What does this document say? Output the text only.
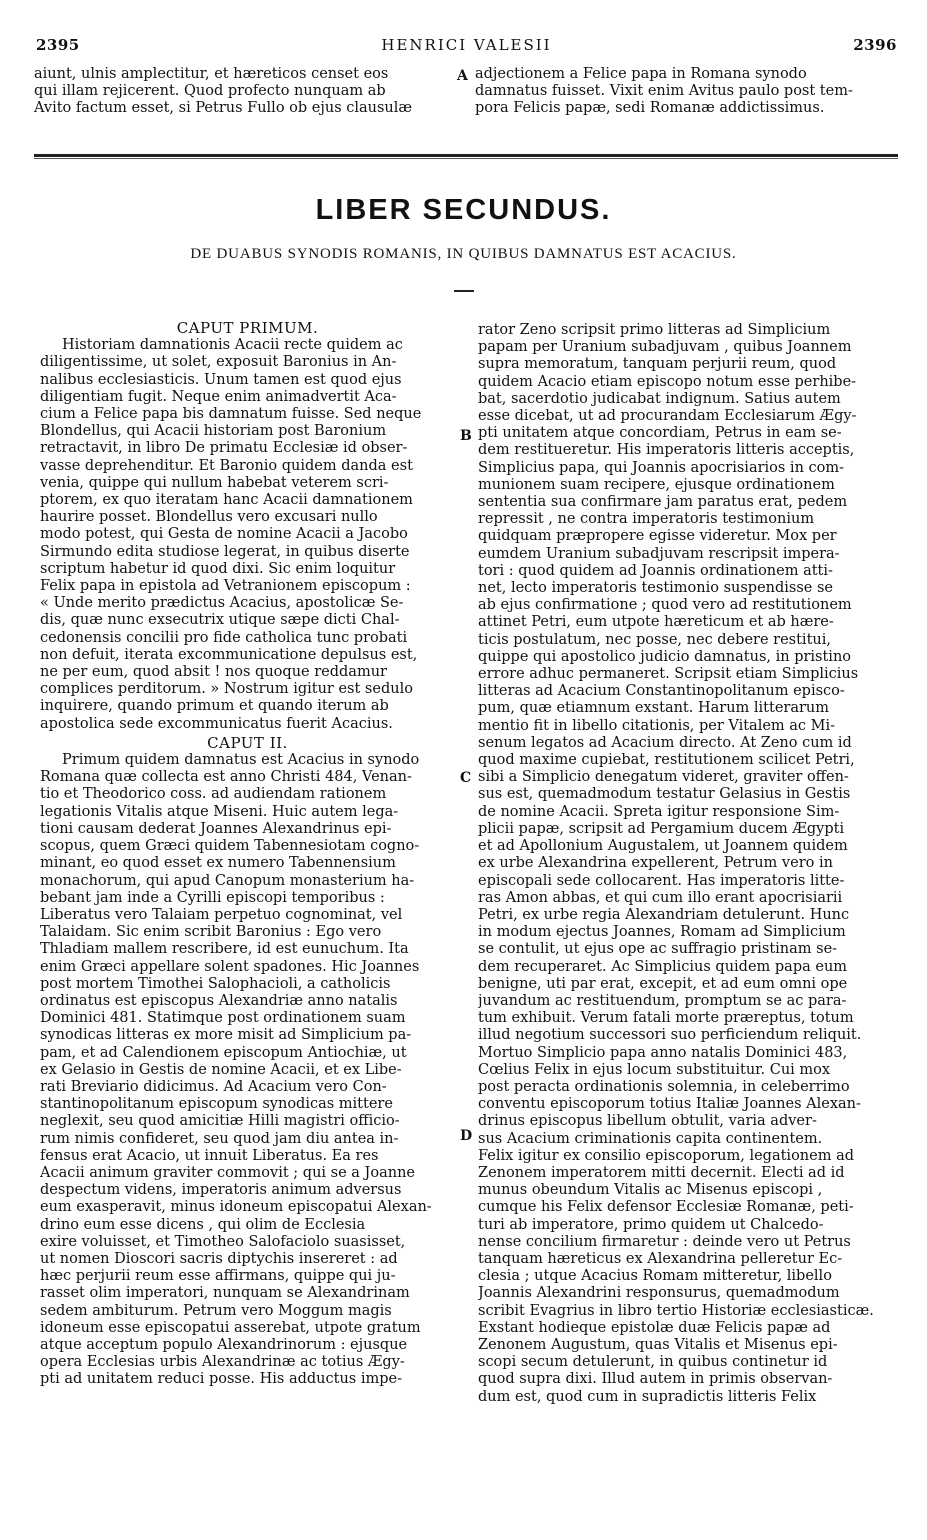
2395	HENRICI VALESII	2396
aiunt, ulnis amplectitur, et hæreticos censet eos
qui illam rejicerent. Quod profecto nunquam ab
Avito factum esset, si Petrus Fullo ob ejus clausulæ
adjectionem a Felice papa in Romana synodo
damnatus fuisset. Vixit enim Avitus paulo post tem-
pora Felicis papæ, sedi Romanæ addictissimus.
A
B
C
D
LIBER SECUNDUS.
DE DUABUS SYNODIS ROMANIS, IN QUIBUS DAMNATUS EST ACACIUS.
CAPUT PRIMUM.
Historiam damnationis Acacii recte quidem ac
diligentissime, ut solet, exposuit Baronius in An-
nalibus ecclesiasticis. Unum tamen est quod ejus
diligentiam fugit. Neque enim animadvertit Aca-
cium a Felice papa bis damnatum fuisse. Sed neque
Blondellus, qui Acacii historiam post Baronium
retractavit, in libro De primatu Ecclesiæ id obser-
vasse deprehenditur. Et Baronio quidem danda est
venia, quippe qui nullum habebat veterem scri-
ptorem, ex quo iteratam hanc Acacii damnationem
haurire posset. Blondellus vero excusari nullo
modo potest, qui Gesta de nomine Acacii a Jacobo
Sirmundo edita studiose legerat, in quibus diserte
scriptum habetur id quod dixi. Sic enim loquitur
Felix papa in epistola ad Vetranionem episcopum :
« Unde merito prædictus Acacius, apostolicæ Se-
dis, quæ nunc exsecutrix utique sæpe dicti Chal-
cedonensis concilii pro fide catholica tunc probati
non defuit, iterata excommunicatione depulsus est,
ne per eum, quod absit ! nos quoque reddamur
complices perditorum. » Nostrum igitur est sedulo
inquirere, quando primum et quando iterum ab
apostolica sede excommunicatus fuerit Acacius.
CAPUT II.
Primum quidem damnatus est Acacius in synodo
Romana quæ collecta est anno Christi 484, Venan-
tio et Theodorico coss. ad audiendam rationem
legationis Vitalis atque Miseni. Huic autem lega-
tioni causam dederat Joannes Alexandrinus epi-
scopus, quem Græci quidem Tabennesiotam cogno-
minant, eo quod esset ex numero Tabennensium
monachorum, qui apud Canopum monasterium ha-
bebant jam inde a Cyrilli episcopi temporibus :
Liberatus vero Talaiam perpetuo cognominat, vel
Talaidam. Sic enim scribit Baronius : Ego vero
Thladiam mallem rescribere, id est eunuchum. Ita
enim Græci appellare solent spadones. Hic Joannes
post mortem Timothei Salophacioli, a catholicis
ordinatus est episcopus Alexandriæ anno natalis
Dominici 481. Statimque post ordinationem suam
synodicas litteras ex more misit ad Simplicium pa-
pam, et ad Calendionem episcopum Antiochiæ, ut
ex Gelasio in Gestis de nomine Acacii, et ex Libe-
rati Breviario didicimus. Ad Acacium vero Con-
stantinopolitanum episcopum synodicas mittere
neglexit, seu quod amicitiæ Hilli magistri officio-
rum nimis confideret, seu quod jam diu antea in-
fensus erat Acacio, ut innuit Liberatus. Ea res
Acacii animum graviter commovit ; qui se a Joanne
despectum videns, imperatoris animum adversus
eum exasperavit, minus idoneum episcopatui Alexan-
drino eum esse dicens , qui olim de Ecclesia
exire voluisset, et Timotheo Salofaciolo suasisset,
ut nomen Dioscori sacris diptychis insereret : ad
hæc perjurii reum esse affirmans, quippe qui ju-
rasset olim imperatori, nunquam se Alexandrinam
sedem ambiturum. Petrum vero Moggum magis
idoneum esse episcopatui asserebat, utpote gratum
atque acceptum populo Alexandrinorum : ejusque
opera Ecclesias urbis Alexandrinæ ac totius Ægy-
pti ad unitatem reduci posse. His adductus impe-
rator Zeno scripsit primo litteras ad Simplicium
papam per Uranium subadjuvam , quibus Joannem
supra memoratum, tanquam perjurii reum, quod
quidem Acacio etiam episcopo notum esse perhibe-
bat, sacerdotio judicabat indignum. Satius autem
esse dicebat, ut ad procurandam Ecclesiarum Ægy-
pti unitatem atque concordiam, Petrus in eam se-
dem restitueretur. His imperatoris litteris acceptis,
Simplicius papa, qui Joannis apocrisiarios in com-
munionem suam recipere, ejusque ordinationem
sententia sua confirmare jam paratus erat, pedem
repressit , ne contra imperatoris testimonium
quidquam præpropere egisse videretur. Mox per
eumdem Uranium subadjuvam rescripsit impera-
tori : quod quidem ad Joannis ordinationem atti-
net, lecto imperatoris testimonio suspendisse se
ab ejus confirmatione ; quod vero ad restitutionem
attinet Petri, eum utpote hæreticum et ab hære-
ticis postulatum, nec posse, nec debere restitui,
quippe qui apostolico judicio damnatus, in pristino
errore adhuc permaneret. Scripsit etiam Simplicius
litteras ad Acacium Constantinopolitanum episco-
pum, quæ etiamnum exstant. Harum litterarum
mentio fit in libello citationis, per Vitalem ac Mi-
senum legatos ad Acacium directo. At Zeno cum id
quod maxime cupiebat, restitutionem scilicet Petri,
sibi a Simplicio denegatum videret, graviter offen-
sus est, quemadmodum testatur Gelasius in Gestis
de nomine Acacii. Spreta igitur responsione Sim-
plicii papæ, scripsit ad Pergamium ducem Ægypti
et ad Apollonium Augustalem, ut Joannem quidem
ex urbe Alexandrina expellerent, Petrum vero in
episcopali sede collocarent. Has imperatoris litte-
ras Amon abbas, et qui cum illo erant apocrisiarii
Petri, ex urbe regia Alexandriam detulerunt. Hunc
in modum ejectus Joannes, Romam ad Simplicium
se contulit, ut ejus ope ac suffragio pristinam se-
dem recuperaret. Ac Simplicius quidem papa eum
benigne, uti par erat, excepit, et ad eum omni ope
juvandum ac restituendum, promptum se ac para-
tum exhibuit. Verum fatali morte præreptus, totum
illud negotium successori suo perficiendum reliquit.
Mortuo Simplicio papa anno natalis Dominici 483,
Cœlius Felix in ejus locum substituitur. Cui mox
post peracta ordinationis solemnia, in celeberrimo
conventu episcoporum totius Italiæ Joannes Alexan-
drinus episcopus libellum obtulit, varia adver-
sus Acacium criminationis capita continentem.
Felix igitur ex consilio episcoporum, legationem ad
Zenonem imperatorem mitti decernit. Electi ad id
munus obeundum Vitalis ac Misenus episcopi ,
cumque his Felix defensor Ecclesiæ Romanæ, peti-
turi ab imperatore, primo quidem ut Chalcedo-
nense concilium firmaretur : deinde vero ut Petrus
tanquam hæreticus ex Alexandrina pelleretur Ec-
clesia ; utque Acacius Romam mitteretur, libello
Joannis Alexandrini responsurus, quemadmodum
scribit Evagrius in libro tertio Historiæ ecclesiasticæ.
Exstant hodieque epistolæ duæ Felicis papæ ad
Zenonem Augustum, quas Vitalis et Misenus epi-
scopi secum detulerunt, in quibus continetur id
quod supra dixi. Illud autem in primis observan-
dum est, quod cum in supradictis litteris Felix
